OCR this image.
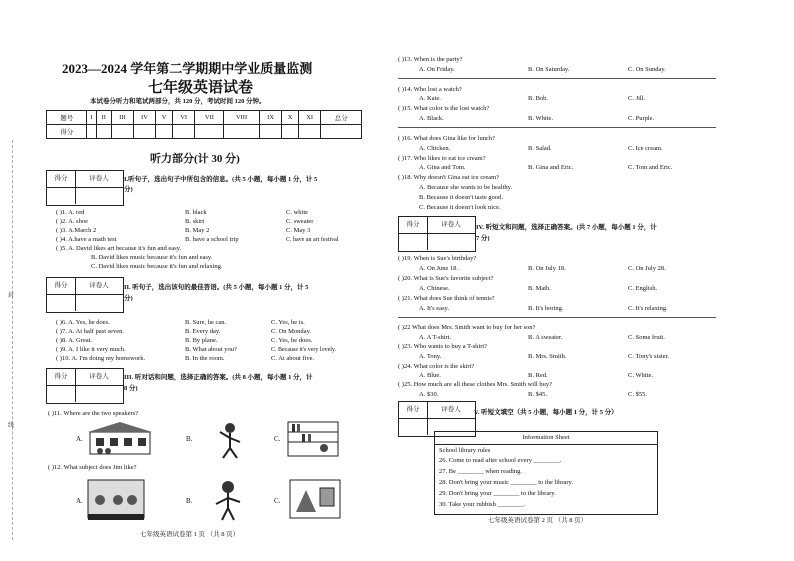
封
线
2023—2024 学年第二学期期中学业质量监测
七年级英语试卷
本试卷分听力和笔试两部分，共 120 分，考试时间 120 分钟。
题号	I	II	III	IV	V	VI	VII	VIII	IX	X	XI	总分
得分												
听力部分(计 30 分)
得分	评卷人	I.听句子，选出句子中所包含的信息。(共 5 小题，每小题 1 分，计 5
分)
( )1. A. red	B. black	C. white
( )2. A. shoe	B. skirt	C. sweater
( )3. A.March 2	B. May 2	C. May 3
( )4. A.have a math test	B. have a school trip	C. have an art festival
( )5. A. David likes art because it's fun and easy.
B. David likes music because it's fun and easy.
C. David likes music because it's fun and relaxing.
得分	评卷人	II. 听句子，选出该句的最佳答语。(共 5 小题，每小题 1 分，计 5
分)
( )6. A. Yes, he does.	B. Sure, he can.	C. Yes, he is.
( )7. A. At half past seven.	B. Every day.	C. On Monday.
( )8. A. Great.	B. By plane.	C. Yes, he does.
( )9. A. I like it very much.	B. What about you?	C. Because it's very lovely.
( )10. A. I'm doing my homework.	B. In the room.	C. At about five.
得分	评卷人	III. 听对话和问题，选择正确的答案。(共 8 小题，每小题 1 分，计
8 分)
( )11. Where are the two speakers?
A.	B.	C.
( )12. What subject does Jim like?
A.	B.	C.
七年级英语试卷第 1 页 （共 8 页）
( )13. When is the party?
A. On Friday.	B. On Saturday.	C. On Sunday.
( )14. Who lost a watch?
A. Kate.	B. Bob.	C. Jill.
( )15. What color is the lost watch?
A. Black.	B. White.	C. Purple.
( )16. What does Gina like for lunch?
A. Chicken.	B. Salad.	C. Ice cream.
( )17. Who likes to eat ice cream?
A. Gina and Tom.	B. Gina and Eric.	C. Tom and Eric.
( )18. Why doesn't Gina eat ice cream?
A. Because she wants to be healthy.
B. Because it doesn't taste good.
C. Because it doesn't look nice.
得分	评卷人	IV. 听短文和问题，选择正确答案。(共 7 小题，每小题 1 分，计
7 分)
( )19. When is Sue's birthday?
A. On June 18 .	B. On July 18.	C. On July 28.
( )20. What is Sue's favorite subject?
A. Chinese.	B. Math.	C. English.
( )21. What does Sue think of tennis?
A. It's easy.	B. It's boring.	C. It's relaxing.
( )22 What does Mrs. Smith want to buy for her son?
A. A T-shirt.	B. A sweater.	C. Some fruit.
( )23. Who wants to buy a T-shirt?
A. Tony.	B. Mrs. Smith.	C. Tony's sister.
( )24. What color is the skirt?
A. Blue.	B. Red.	C. White.
( )25. How much are all these clothes Mrs. Smith will buy?
A. $30.	B. $45.	C. $55.
得分	评卷人	V. 听短文填空（共 5 小题，每小题 1 分，计 5 分）
Information Sheet
School library rules
26. Come to read after school every ________.
27. Be ________ when reading.
28. Don't bring your music ________ to the library.
29. Don't bring your ________ to the library.
30. Take your rubbish ________.
七年级英语试卷第 2 页 （共 8 页）
